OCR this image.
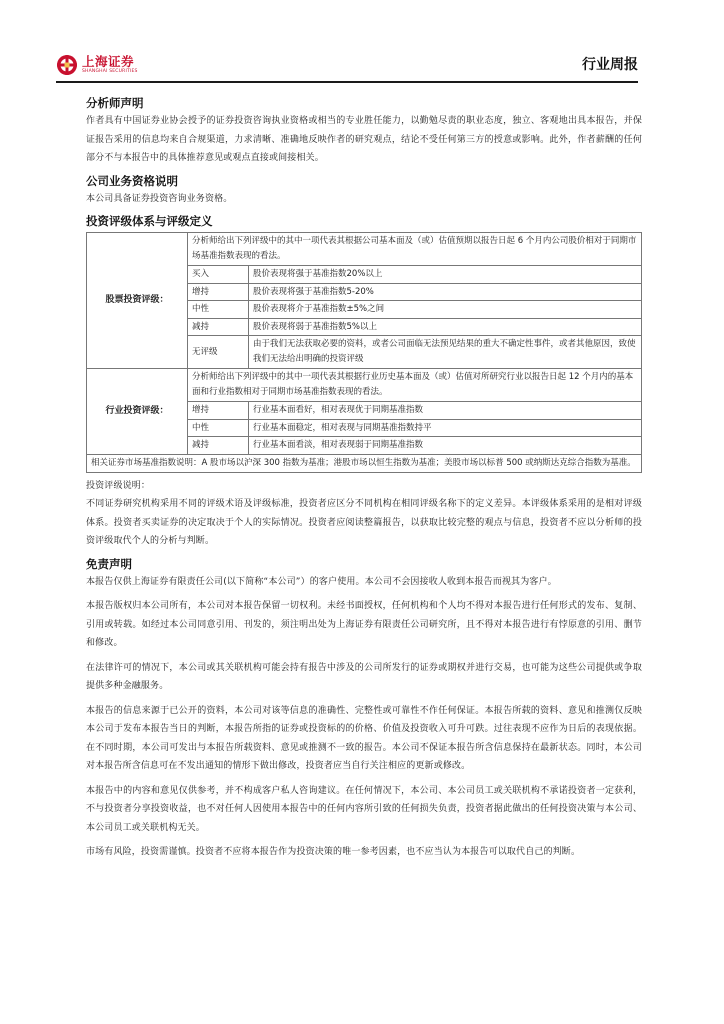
上海证券
SHANGHAI SECURITIES	行业周报
分析师声明

作者具有中国证券业协会授予的证券投资咨询执业资格或相当的专业胜任能力，以勤勉尽责的职业态度，独立、客观地出具本报告，并保证报告采用的信息均来自合规渠道，力求清晰、准确地反映作者的研究观点，结论不受任何第三方的授意或影响。此外，作者薪酬的任何部分不与本报告中的具体推荐意见或观点直接或间接相关。

公司业务资格说明

本公司具备证券投资咨询业务资格。

投资评级体系与评级定义
股票投资评级：	分析师给出下列评级中的其中一项代表其根据公司基本面及（或）估值预期以报告日起 6 个月内公司股价相对于同期市场基准指数表现的看法。	
	买入	股价表现将强于基准指数20%以上
	增持	股价表现将强于基准指数5-20%
	中性	股价表现将介于基准指数±5%之间
	减持	股价表现将弱于基准指数5%以上
	无评级	由于我们无法获取必要的资料，或者公司面临无法预见结果的重大不确定性事件，或者其他原因，致使我们无法给出明确的投资评级
行业投资评级：	分析师给出下列评级中的其中一项代表其根据行业历史基本面及（或）估值对所研究行业以报告日起 12 个月内的基本面和行业指数相对于同期市场基准指数表现的看法。	
	增持	行业基本面看好，相对表现优于同期基准指数
	中性	行业基本面稳定，相对表现与同期基准指数持平
	减持	行业基本面看淡，相对表现弱于同期基准指数
相关证券市场基准指数说明：A 股市场以沪深 300 指数为基准；港股市场以恒生指数为基准；美股市场以标普 500 或纳斯达克综合指数为基准。		

投资评级说明：

不同证券研究机构采用不同的评级术语及评级标准，投资者应区分不同机构在相同评级名称下的定义差异。本评级体系采用的是相对评级体系。投资者买卖证券的决定取决于个人的实际情况。投资者应阅读整篇报告，以获取比较完整的观点与信息，投资者不应以分析师的投资评级取代个人的分析与判断。

免责声明

本报告仅供上海证券有限责任公司(以下简称“本公司”）的客户使用。本公司不会因接收人收到本报告而视其为客户。

本报告版权归本公司所有，本公司对本报告保留一切权利。未经书面授权，任何机构和个人均不得对本报告进行任何形式的发布、复制、引用或转载。如经过本公司同意引用、刊发的，须注明出处为上海证券有限责任公司研究所，且不得对本报告进行有悖原意的引用、删节和修改。

在法律许可的情况下，本公司或其关联机构可能会持有报告中涉及的公司所发行的证券或期权并进行交易，也可能为这些公司提供或争取提供多种金融服务。

本报告的信息来源于已公开的资料，本公司对该等信息的准确性、完整性或可靠性不作任何保证。本报告所载的资料、意见和推测仅反映本公司于发布本报告当日的判断，本报告所指的证券或投资标的的价格、价值及投资收入可升可跌。过往表现不应作为日后的表现依据。在不同时期，本公司可发出与本报告所载资料、意见或推测不一致的报告。本公司不保证本报告所含信息保持在最新状态。同时，本公司对本报告所含信息可在不发出通知的情形下做出修改，投资者应当自行关注相应的更新或修改。

本报告中的内容和意见仅供参考，并不构成客户私人咨询建议。在任何情况下，本公司、本公司员工或关联机构不承诺投资者一定获利，不与投资者分享投资收益，也不对任何人因使用本报告中的任何内容所引致的任何损失负责，投资者据此做出的任何投资决策与本公司、本公司员工或关联机构无关。

市场有风险，投资需谨慎。投资者不应将本报告作为投资决策的唯一参考因素，也不应当认为本报告可以取代自己的判断。
